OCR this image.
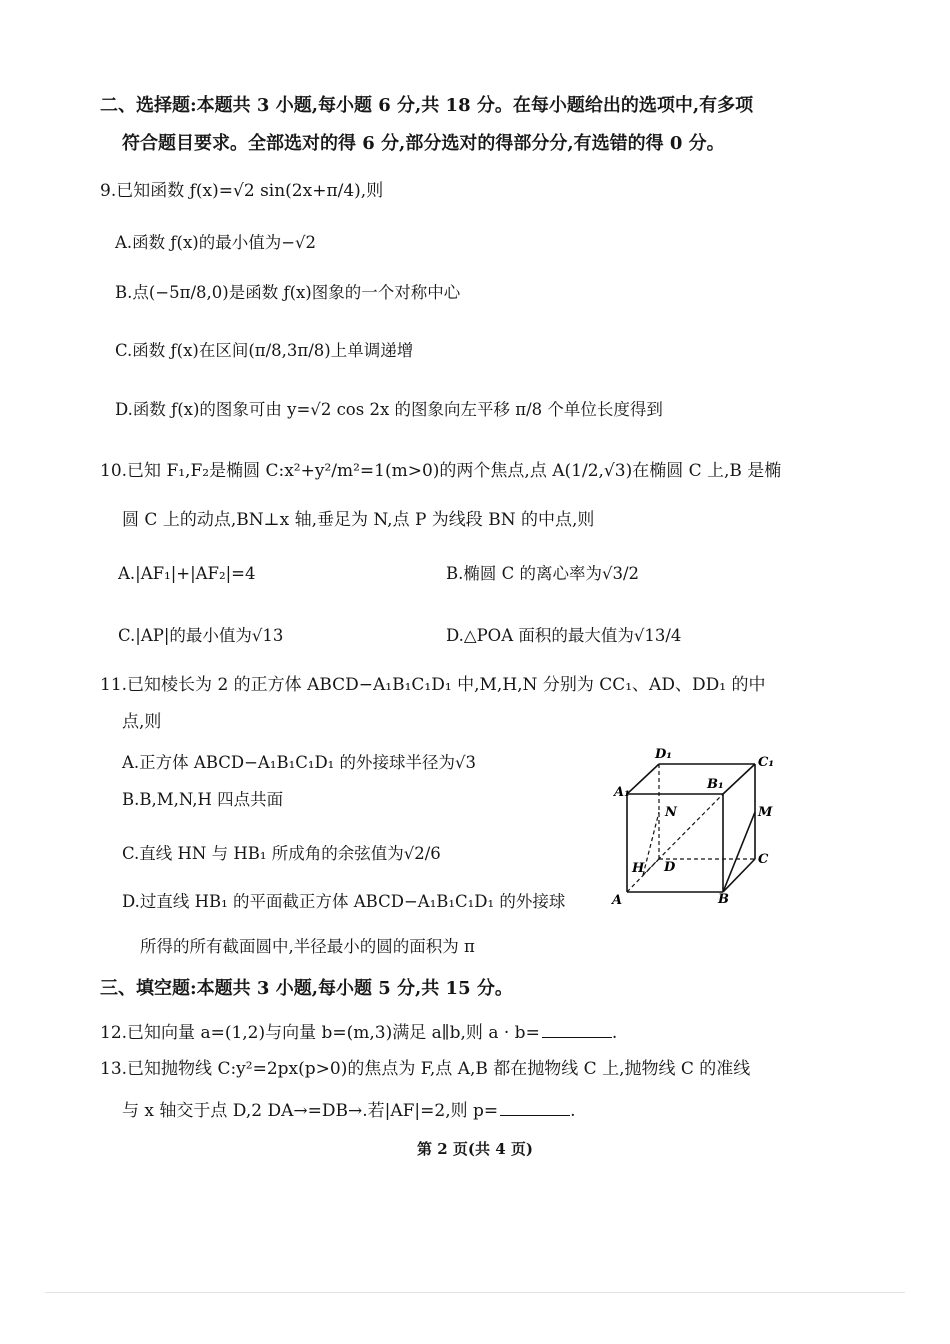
二、选择题:本题共 3 小题,每小题 6 分,共 18 分。在每小题给出的选项中,有多项
符合题目要求。全部选对的得 6 分,部分选对的得部分分,有选错的得 0 分。
9.已知函数 ƒ(x)=√2 sin(2x+π/4),则
A.函数 ƒ(x)的最小值为−√2
B.点(−5π/8,0)是函数 ƒ(x)图象的一个对称中心
C.函数 ƒ(x)在区间(π/8,3π/8)上单调递增
D.函数 ƒ(x)的图象可由 y=√2 cos 2x 的图象向左平移 π/8 个单位长度得到
10.已知 F₁,F₂是椭圆 C:x²+y²/m²=1(m>0)的两个焦点,点 A(1/2,√3)在椭圆 C 上,B 是椭
圆 C 上的动点,BN⊥x 轴,垂足为 N,点 P 为线段 BN 的中点,则
A.|AF₁|+|AF₂|=4	B.椭圆 C 的离心率为√3/2
C.|AP|的最小值为√13	D.△POA 面积的最大值为√13/4
11.已知棱长为 2 的正方体 ABCD−A₁B₁C₁D₁ 中,M,H,N 分别为 CC₁、AD、DD₁ 的中
点,则
A.正方体 ABCD−A₁B₁C₁D₁ 的外接球半径为√3
B.B,M,N,H 四点共面
C.直线 HN 与 HB₁ 所成角的余弦值为√2/6
D.过直线 HB₁ 的平面截正方体 ABCD−A₁B₁C₁D₁ 的外接球
所得的所有截面圆中,半径最小的圆的面积为 π
A	B
C
D
A₁
B₁
C₁
D₁
M
N
H
三、填空题:本题共 3 小题,每小题 5 分,共 15 分。
12.已知向量 a=(1,2)与向量 b=(m,3)满足 a∥b,则 a · b=	.
13.已知抛物线 C:y²=2px(p>0)的焦点为 F,点 A,B 都在抛物线 C 上,抛物线 C 的准线
与 x 轴交于点 D,2 DA→=DB→.若|AF|=2,则 p=	.
第 2 页(共 4 页)
